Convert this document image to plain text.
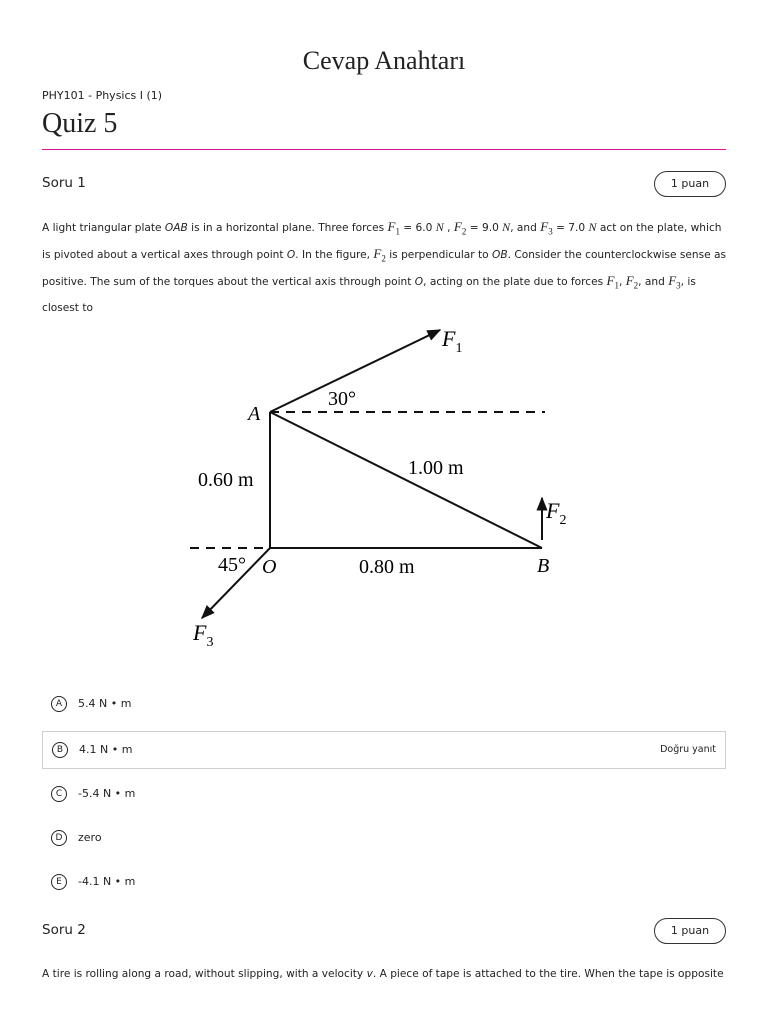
Cevap Anahtarı
PHY101 - Physics I (1)
Quiz 5
Soru 1	1 puan
A light triangular plate OAB is in a horizontal plane. Three forces $F_1 = 6.0$ N , $F_2 = 9.0$ N, and $F_3 = 7.0$ N act on the plate, which is pivoted about a vertical axes through point O. In the figure, $F_2$ is perpendicular to OB. Consider the counterclockwise sense as positive. The sum of the torques about the vertical axis through point O, acting on the plate due to forces $F_1$, $F_2$, and $F_3$, is closest to
$F_1$
$F_2$
$F_3$
A
O	B
30°
45°
0.60 m
1.00 m
0.80 m
A	5.4 N • m
B	4.1 N • m	Doğru yanıt
C	-5.4 N • m
D	zero
E	-4.1 N • m
Soru 2	1 puan
A tire is rolling along a road, without slipping, with a velocity v. A piece of tape is attached to the tire. When the tape is opposite
